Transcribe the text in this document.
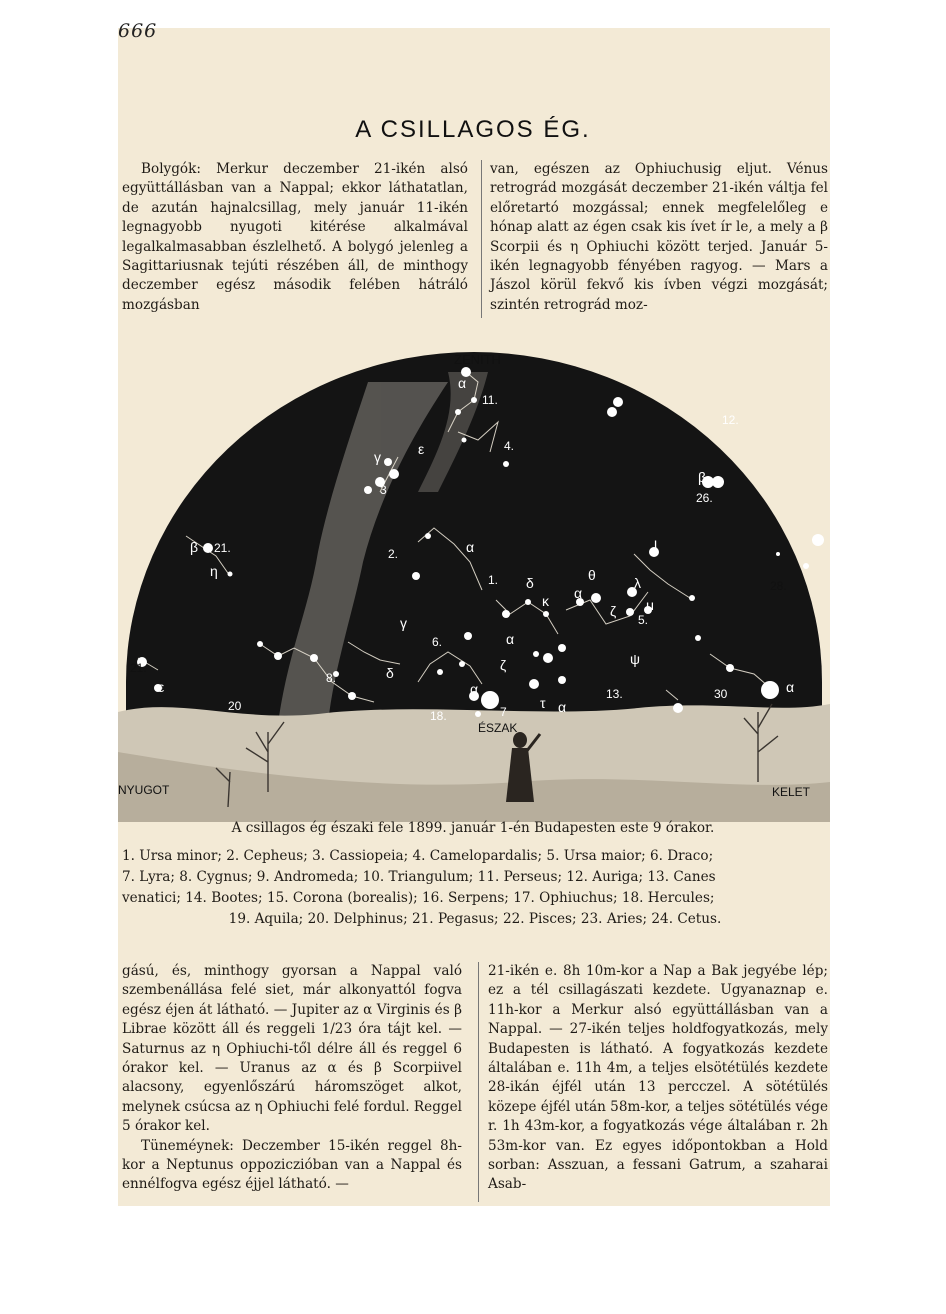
666
A CSILLAGOS ÉG.

Bolygók: Merkur deczember 21-ikén alsó együttállásban van a Nappal; ekkor láthatatlan, de azután hajnalcsillag, mely január 11-ikén legnagyobb nyugoti kitérése alkalmával legalkalmasabban észlelhető. A bolygó jelenleg a Sagittariusnak tejúti részében áll, de minthogy deczember egész második felében hátráló mozgásban

van, egészen az Ophiuchusig eljut. Vénus retrográd mozgását deczember 21-ikén váltja fel előretartó mozgással; ennek megfelelőleg e hónap alatt az égen csak kis ívet ír le, a mely a β Scorpii és η Ophiuchi között terjed. Január 5-ikén legnagyobb fényében ragyog. — Mars a Jászol körül fekvő kis ívben végzi mozgását; szintén retrográd moz-

ZENITH
ÉSZAK
NYUGOT	KELET
11.
12.
4.
3
26.
21.	2.
28.
1.
5.
6.
21.
8.
13.	30
20	7
18.
α
α
α
α
α
α
α
β
β
γ
γ
δ
δ
ε
ε
ζ
ζ
η	θ
ι
κ
λ
μ
τ
ψ
A csillagos ég északi fele 1899. január 1-én Budapesten este 9 órakor.
1. Ursa minor; 2. Cepheus; 3. Cassiopeia; 4. Camelopardalis; 5. Ursa maior; 6. Draco;
7. Lyra; 8. Cygnus; 9. Andromeda; 10. Triangulum; 11. Perseus; 12. Auriga; 13. Canes
venatici; 14. Bootes; 15. Corona (borealis); 16. Serpens; 17. Ophiuchus; 18. Hercules;
19. Aquila; 20. Delphinus; 21. Pegasus; 22. Pisces; 23. Aries; 24. Cetus.

gású, és, minthogy gyorsan a Nappal való szembenállása felé siet, már alkonyattól fogva egész éjen át látható. — Jupiter az α Virginis és β Librae között áll és reggeli 1/23 óra tájt kel. — Saturnus az η Ophiuchi-től délre áll és reggel 6 órakor kel. — Uranus az α és β Scorpiivel alacsony, egyenlőszárú háromszöget alkot, melynek csúcsa az η Ophiuchi felé fordul. Reggel 5 órakor kel.

Tüneméynek: Deczember 15-ikén reggel 8h-kor a Neptunus oppoziczióban van a Nappal és ennélfogva egész éjjel látható. —

21-ikén e. 8h 10m-kor a Nap a Bak jegyébe lép; ez a tél csillagászati kezdete. Ugyanaznap e. 11h-kor a Merkur alsó együttállásban van a Nappal. — 27-ikén teljes holdfogyatkozás, mely Budapesten is látható. A fogyatkozás kezdete általában e. 11h 4m, a teljes elsötétülés kezdete 28-ikán éjfél után 13 percczel. A sötétülés közepe éjfél után 58m-kor, a teljes sötétülés vége r. 1h 43m-kor, a fogyatkozás vége általában r. 2h 53m-kor van. Ez egyes időpontokban a Hold sorban: Asszuan, a fessani Gatrum, a szaharai Asab-
